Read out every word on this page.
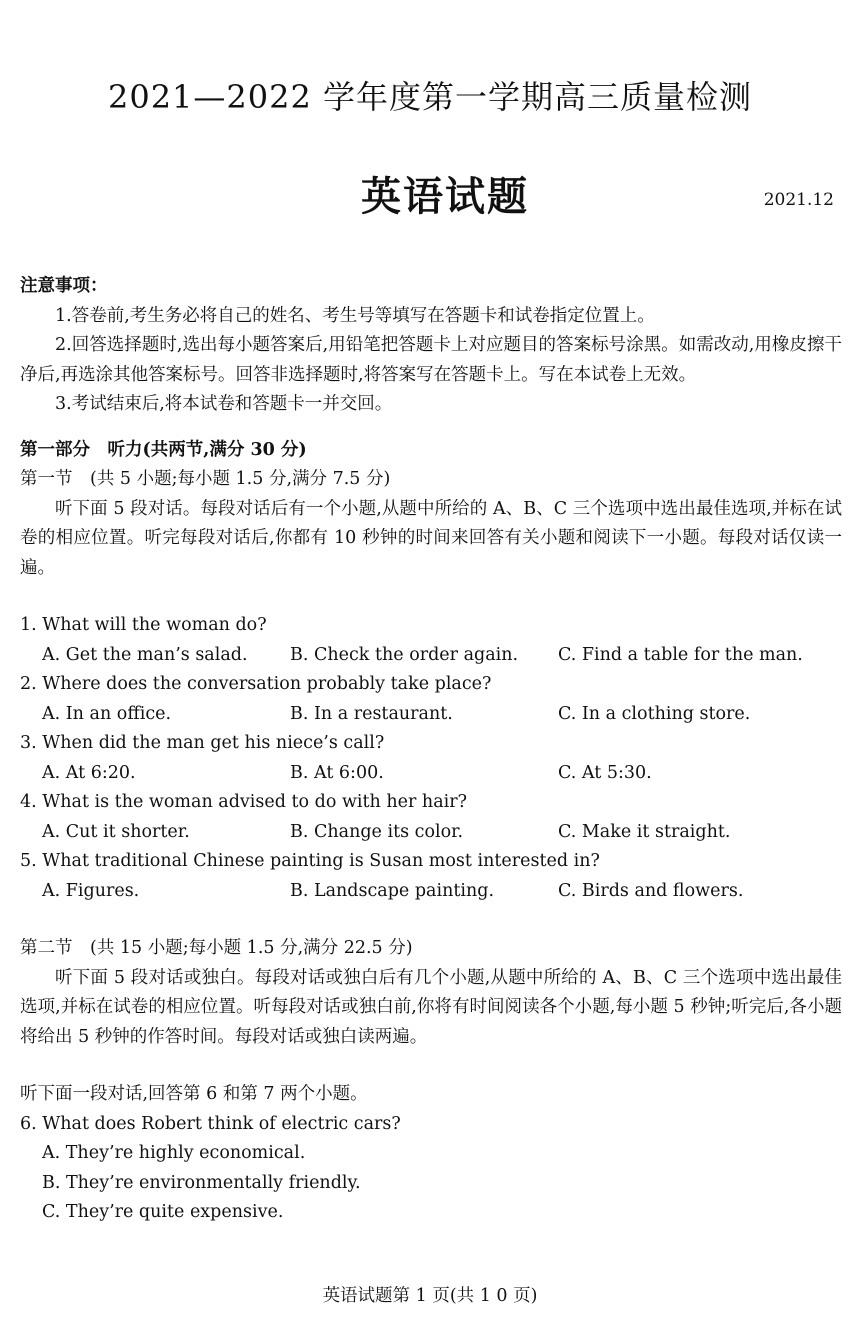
2021—2022 学年度第一学期高三质量检测
英语试题	2021.12
注意事项：
1.答卷前,考生务必将自己的姓名、考生号等填写在答题卡和试卷指定位置上。
2.回答选择题时,选出每小题答案后,用铅笔把答题卡上对应题目的答案标号涂黑。如需改动,用橡皮擦干净后,再选涂其他答案标号。回答非选择题时,将答案写在答题卡上。写在本试卷上无效。
3.考试结束后,将本试卷和答题卡一并交回。
第一部分　听力(共两节,满分 30 分)
第一节　(共 5 小题;每小题 1.5 分,满分 7.5 分)
听下面 5 段对话。每段对话后有一个小题,从题中所给的 A、B、C 三个选项中选出最佳选项,并标在试卷的相应位置。听完每段对话后,你都有 10 秒钟的时间来回答有关小题和阅读下一小题。每段对话仅读一遍。
1. What will the woman do?
A. Get the man’s salad. B. Check the order again. C. Find a table for the man.
2. Where does the conversation probably take place?
A. In an office.	B. In a restaurant.	C. In a clothing store.
3. When did the man get his niece’s call?
A. At 6:20.	B. At 6:00.	C. At 5:30.
4. What is the woman advised to do with her hair?
A. Cut it shorter.	B. Change its color.	C. Make it straight.
5. What traditional Chinese painting is Susan most interested in?
A. Figures.	B. Landscape painting.	C. Birds and flowers.
第二节　(共 15 小题;每小题 1.5 分,满分 22.5 分)
听下面 5 段对话或独白。每段对话或独白后有几个小题,从题中所给的 A、B、C 三个选项中选出最佳选项,并标在试卷的相应位置。听每段对话或独白前,你将有时间阅读各个小题,每小题 5 秒钟;听完后,各小题将给出 5 秒钟的作答时间。每段对话或独白读两遍。
听下面一段对话,回答第 6 和第 7 两个小题。
6. What does Robert think of electric cars?
A. They’re highly economical.
B. They’re environmentally friendly.
C. They’re quite expensive.
英语试题第 1 页(共 1 0 页)
